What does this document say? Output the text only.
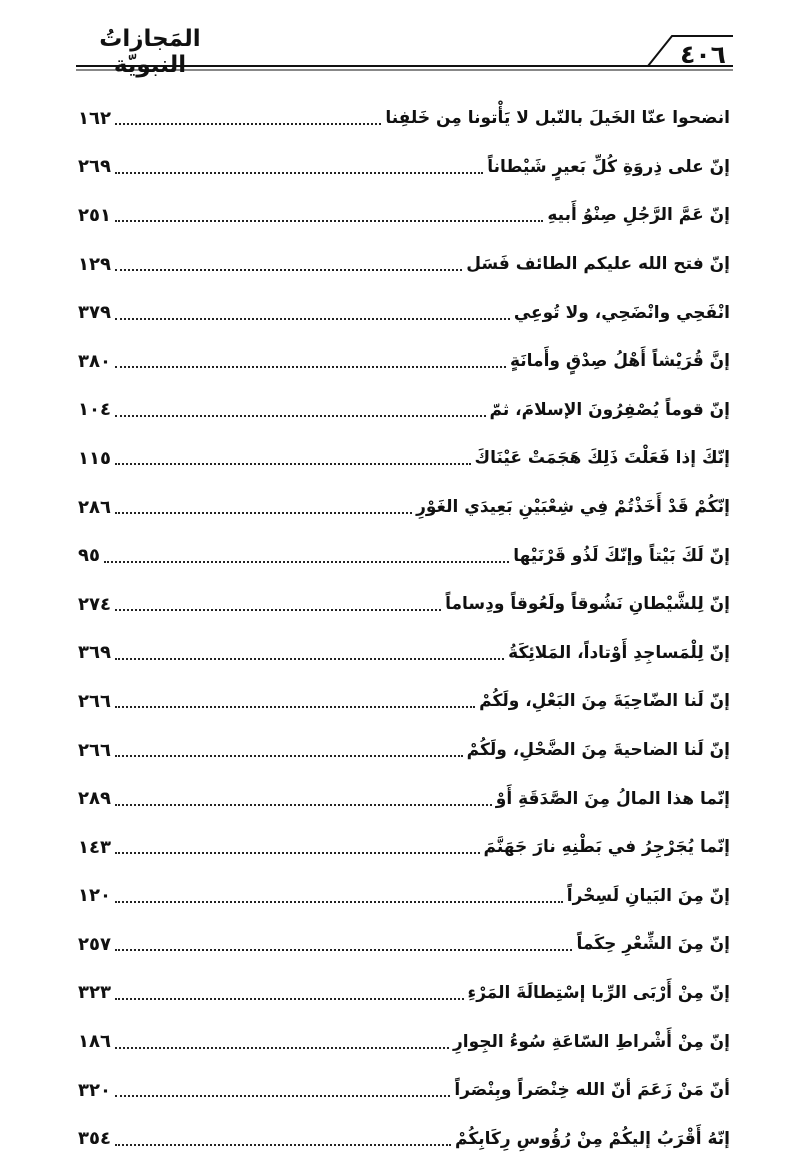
٤٠٦
المَجازاتُ النبويّة
انضحوا عنّا الخَيلَ بالنّبل لا يَأْتونا مِن خَلفِنا
١٦٢
إنّ على ذِروَةِ كُلِّ بَعيرٍ شَيْطاناً
٢٦٩
إنّ عَمَّ الرَّجُلِ صِنْوُ أَبيهِ
٢٥١
إنّ فتح الله عليكم الطائف فَسَل
١٢٩
انْفَحِي وانْضَحِي، ولا تُوعِي
٣٧٩
إنَّ قُرَيْشاً أَهْلُ صِدْقٍ وأَمانَةٍ
٣٨٠
إنّ قوماً يُصْفِرُونَ الإسلامَ، ثمّ
١٠٤
إنّكَ إذا فَعَلْتَ ذَلِكَ هَجَمَتْ عَيْنَاكَ
١١٥
إنّكُمْ قَدْ أَخَذْتُمْ فِي شِعْبَيْنِ بَعِيدَي الغَوْرِ
٢٨٦
إنّ لَكَ بَيْتاً وإنّكَ لَذُو قَرْنَيْها
٩٥
إنّ لِلشَّيْطانِ نَشُوقاً ولَعُوقاً ودِساماً
٢٧٤
إنّ لِلْمَساجِدِ أَوْتاداً، المَلائِكَةُ
٣٦٩
إنّ لَنا الضّاحِيَةَ مِنَ البَعْلِ، ولَكُمْ
٢٦٦
إنّ لَنا الضاحيةَ مِنَ الضَّحْلِ، ولَكُمْ
٢٦٦
إنّما هذا المالُ مِنَ الصَّدَقَةِ أَوْ
٢٨٩
إنّما يُجَرْجِرُ في بَطْنِهِ نارَ جَهَنَّمَ
١٤٣
إنّ مِنَ البَيانِ لَسِحْراً
١٢٠
إنّ مِنَ الشِّعْرِ حِكَماً
٢٥٧
إنّ مِنْ أَرْبَى الرِّبا إسْتِطالَةَ المَرْءِ
٣٢٣
إنّ مِنْ أَشْراطِ السّاعَةِ سُوءُ الجِوارِ
١٨٦
أنّ مَنْ زَعَمَ أنّ الله خِنْصَراً وبِنْصَراً
٣٢٠
إنّهُ أَقْرَبُ إليكُمْ مِنْ رُؤُوسِ رِكَابِكُمْ
٣٥٤
